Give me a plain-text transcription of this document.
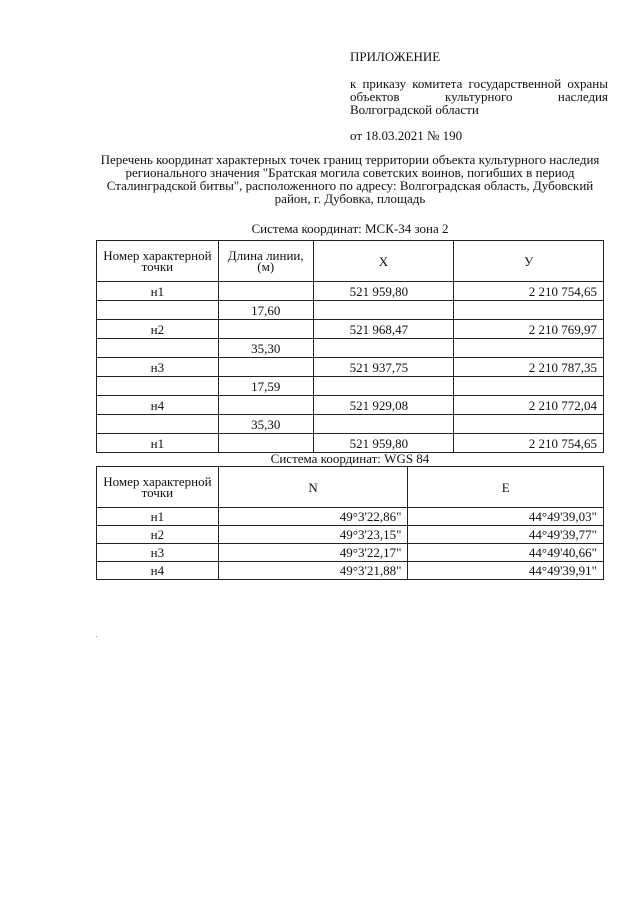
ПРИЛОЖЕНИЕ
к приказу комитета государственной охраны объектов культурного наследия Волгоградской области
от 18.03.2021 № 190
Перечень координат характерных точек границ территории объекта культурного наследия регионального значения "Братская могила советских воинов, погибших в период Сталинградской битвы", расположенного по адресу: Волгоградская область, Дубовский район, г. Дубовка, площадь
Система координат: МСК-34 зона 2
Номер характерной точки	Длина линии, (м)	X	У
н1		521 959,80	2 210 754,65
	17,60		
н2		521 968,47	2 210 769,97
	35,30		
н3		521 937,75	2 210 787,35
	17,59		
н4		521 929,08	2 210 772,04
	35,30		
н1		521 959,80	2 210 754,65
Система координат: WGS 84
Номер характерной точки	N	E
н1	49°3'22,86"	44°49'39,03"
н2	49°3'23,15"	44°49'39,77"
н3	49°3'22,17"	44°49'40,66"
н4	49°3'21,88"	44°49'39,91"
